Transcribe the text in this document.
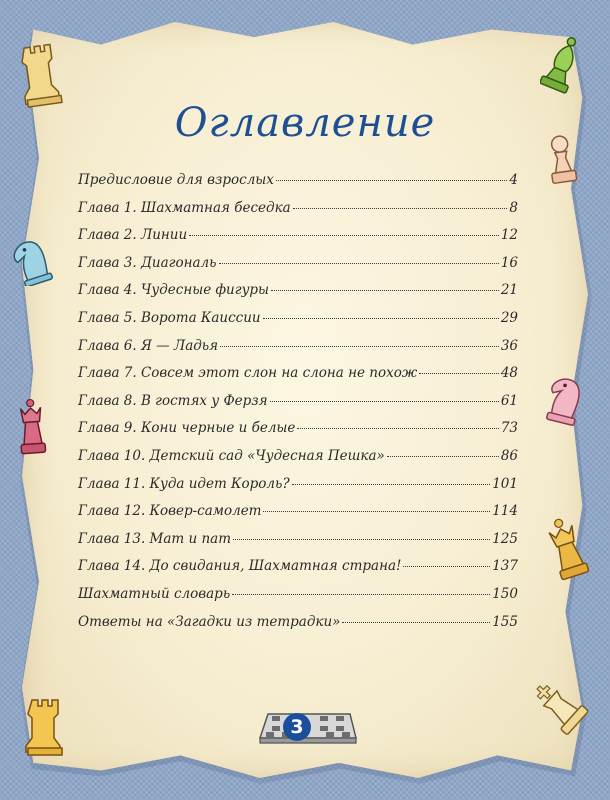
Оглавление
Предисловие для взрослых	4
Глава 1. Шахматная беседка	8
Глава 2. Линии	12
Глава 3. Диагональ	16
Глава 4. Чудесные фигуры	21
Глава 5. Ворота Каиссии	29
Глава 6. Я — Ладья	36
Глава 7. Совсем этот слон на слона не похож	48
Глава 8. В гостях у Ферзя	61
Глава 9. Кони черные и белые	73
Глава 10. Детский сад «Чудесная Пешка»	86
Глава 11. Куда идет Король?	101
Глава 12. Ковер-самолет	114
Глава 13. Мат и пат	125
Глава 14. До свидания, Шахматная страна!	137
Шахматный словарь	150
Ответы на «Загадки из тетрадки»	155
3
